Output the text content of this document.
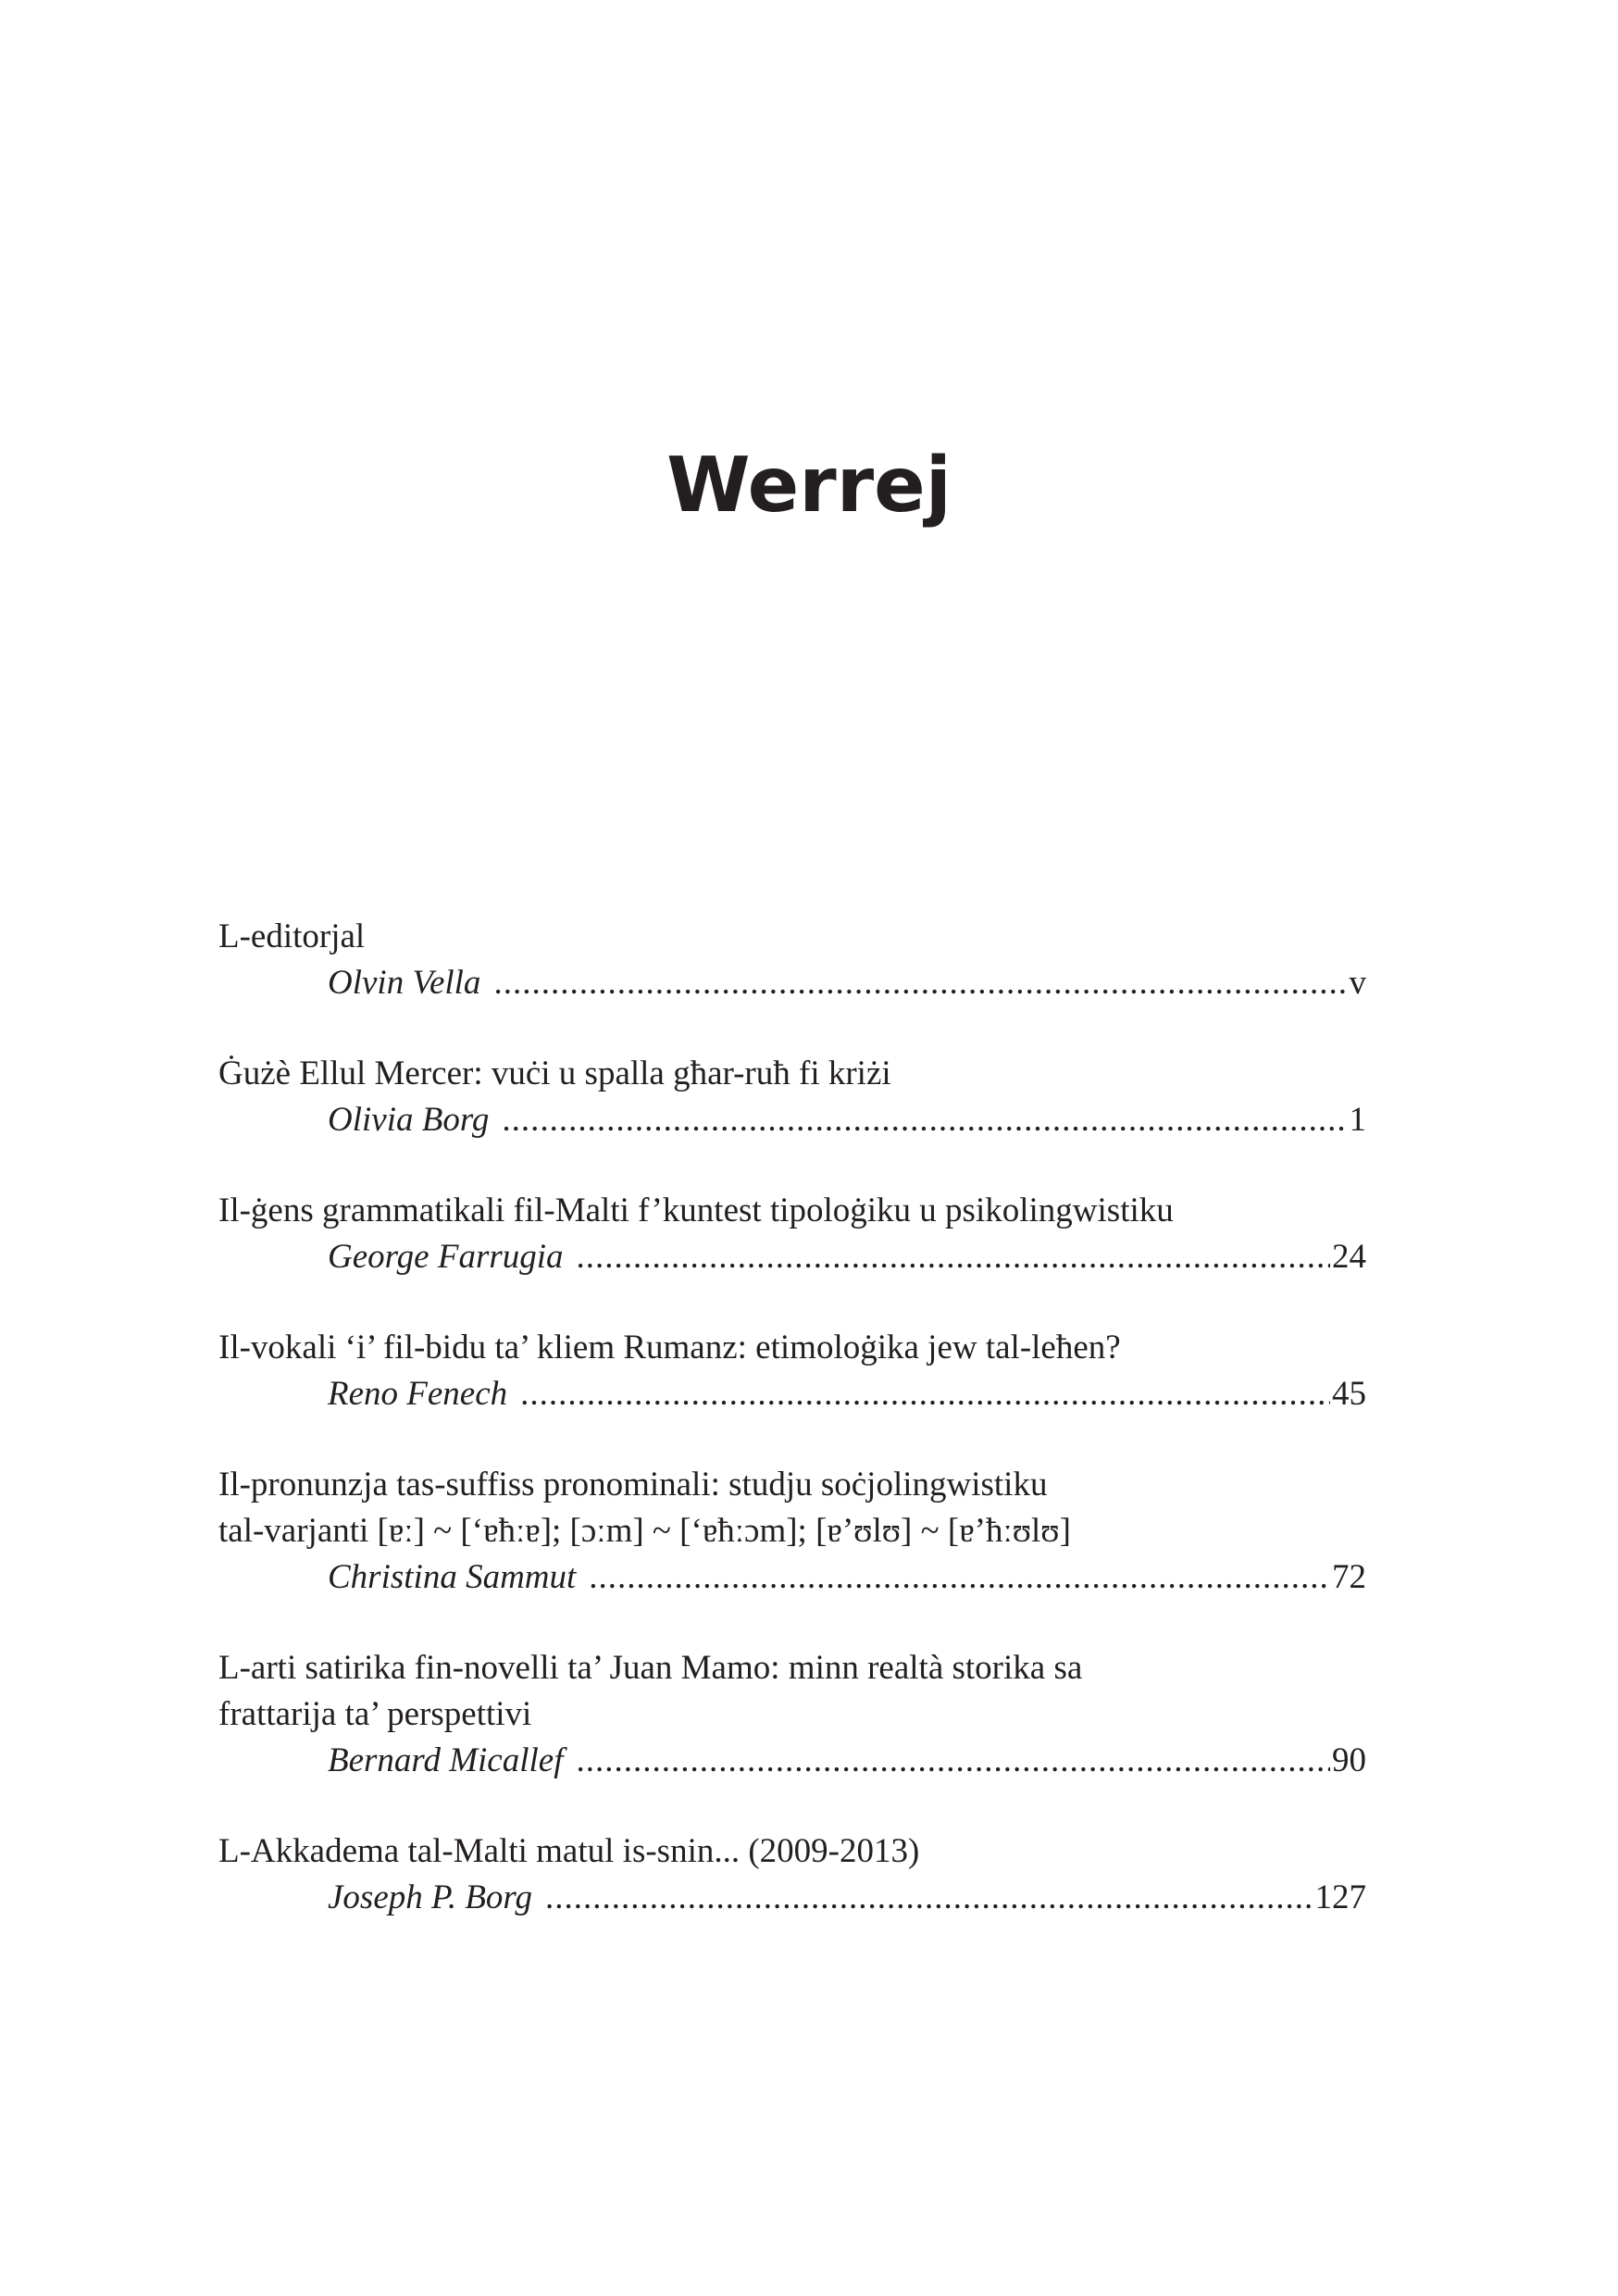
Werrej
L-editorjal
Olvin Vella .....	v
Ġużè Ellul Mercer: vuċi u spalla għar-ruħ fi kriżi
Olivia Borg .....	1
Il-ġens grammatikali fil-Malti f’kuntest tipoloġiku u psikolingwistiku
George Farrugia .....	24
Il-vokali ‘i’ fil-bidu ta’ kliem Rumanz: etimoloġika jew tal-leħen?
Reno Fenech .....	45
Il-pronunzja tas-suffiss pronominali: studju soċjolingwistiku
tal-varjanti [ɐː] ~ [‘ɐħːɐ]; [ɔːm] ~ [‘ɐħːɔm]; [ɐ’ʊlʊ] ~ [ɐ’ħːʊlʊ]
Christina Sammut .....	72
L-arti satirika fin-novelli ta’ Juan Mamo: minn realtà storika sa
frattarija ta’ perspettivi
Bernard Micallef .....	90
L-Akkadema tal-Malti matul is-snin... (2009-2013)
Joseph P. Borg .....	127
